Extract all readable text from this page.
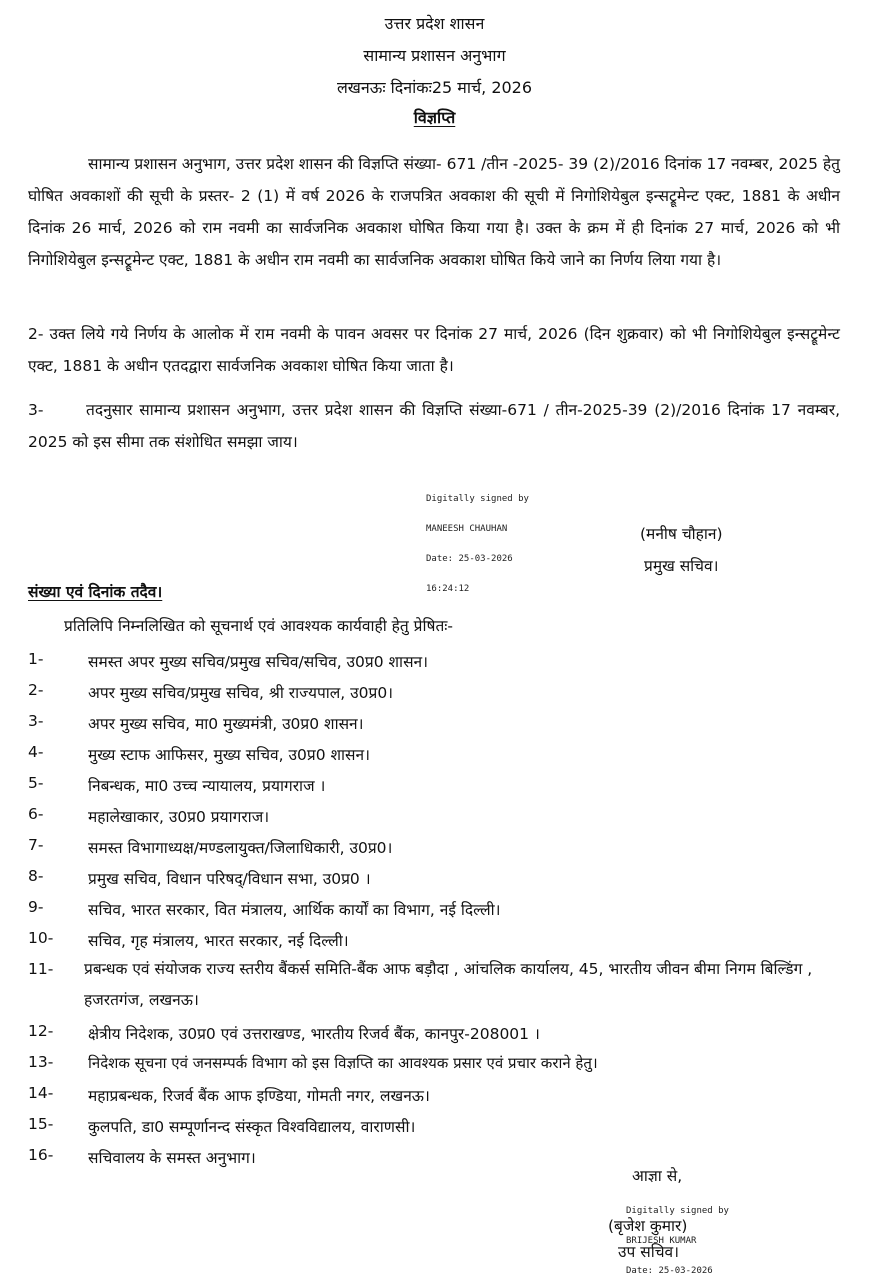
उत्तर प्रदेश शासन
सामान्य प्रशासन अनुभाग
लखनऊः दिनांकः25 मार्च, 2026
विज्ञप्ति
सामान्य प्रशासन अनुभाग, उत्तर प्रदेश शासन की विज्ञप्ति संख्या- 671 /तीन -2025- 39 (2)/2016 दिनांक 17 नवम्बर, 2025 हेतु घोषित अवकाशों की सूची के प्रस्तर- 2 (1) में वर्ष 2026 के राजपत्रित अवकाश की सूची में निगोशियेबुल इन्सट्रूमेन्ट एक्ट, 1881 के अधीन दिनांक 26 मार्च, 2026 को राम नवमी का सार्वजनिक अवकाश घोषित किया गया है। उक्त के क्रम में ही दिनांक 27 मार्च, 2026 को भी निगोशियेबुल इन्सट्रूमेन्ट एक्ट, 1881 के अधीन राम नवमी का सार्वजनिक अवकाश घोषित किये जाने का निर्णय लिया गया है।
2- उक्त लिये गये निर्णय के आलोक में राम नवमी के पावन अवसर पर दिनांक 27 मार्च, 2026 (दिन शुक्रवार) को भी निगोशियेबुल इन्सट्रूमेन्ट एक्ट, 1881 के अधीन एतदद्वारा सार्वजनिक अवकाश घोषित किया जाता है।
3-	तदनुसार सामान्य प्रशासन अनुभाग, उत्तर प्रदेश शासन की विज्ञप्ति संख्या-671 / तीन-2025-39 (2)/2016 दिनांक 17 नवम्बर, 2025 को इस सीमा तक संशोधित समझा जाय।

Digitally signed by

MANEESH CHAUHAN

Date: 25-03-2026

16:24:12

(मनीष चौहान)
प्रमुख सचिव।
संख्या एवं दिनांक तदैव।
प्रतिलिपि निम्नलिखित को सूचनार्थ एवं आवश्यक कार्यवाही हेतु प्रेषितः-
1-	समस्त अपर मुख्य सचिव/प्रमुख सचिव/सचिव, उ0प्र0 शासन।
2-	अपर मुख्य सचिव/प्रमुख सचिव, श्री राज्यपाल, उ0प्र0।
3-	अपर मुख्य सचिव, मा0 मुख्यमंत्री, उ0प्र0 शासन।
4-	मुख्य स्टाफ आफिसर, मुख्य सचिव, उ0प्र0 शासन।
5-	निबन्धक, मा0 उच्च न्यायालय, प्रयागराज ।
6-	महालेखाकार, उ0प्र0 प्रयागराज।
7-	समस्त विभागाध्यक्ष/मण्डलायुक्त/जिलाधिकारी, उ0प्र0।
8-	प्रमुख सचिव, विधान परिषद्/विधान सभा, उ0प्र0 ।
9-	सचिव, भारत सरकार, वित मंत्रालय, आर्थिक कार्यों का विभाग, नई दिल्ली।
10- सचिव, गृह मंत्रालय, भारत सरकार, नई दिल्ली।
11- प्रबन्धक एवं संयोजक राज्य स्तरीय बैंकर्स समिति-बैंक आफ बड़ौदा , आंचलिक कार्यालय, 45, भारतीय जीवन बीमा निगम बिल्डिंग , हजरतगंज, लखनऊ।
12- क्षेत्रीय निदेशक, उ0प्र0 एवं उत्तराखण्ड, भारतीय रिजर्व बैंक, कानपुर-208001 ।
13- निदेशक सूचना एवं जनसम्पर्क विभाग को इस विज्ञप्ति का आवश्यक प्रसार एवं प्रचार कराने हेतु।
14- महाप्रबन्धक, रिजर्व बैंक आफ इण्डिया, गोमती नगर, लखनऊ।
15- कुलपति, डा0 सम्पूर्णानन्द संस्कृत विश्वविद्यालय, वाराणसी।
16- सचिवालय के समस्त अनुभाग।
आज्ञा से,

Digitally signed by

BRIJESH KUMAR

Date: 25-03-2026

(बृजेश कुमार)
उप सचिव।
